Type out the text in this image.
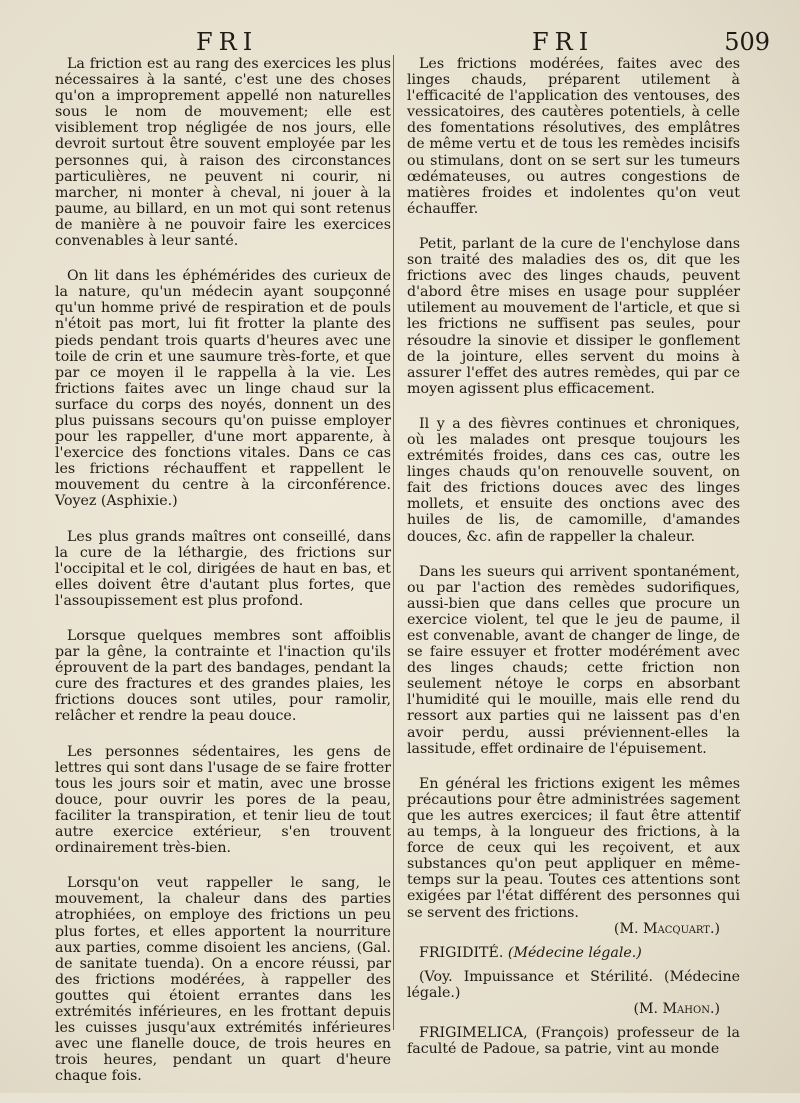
FRI	FRI	509

La friction est au rang des exercices les plus nécessaires à la santé, c'est une des choses qu'on a improprement appellé non naturelles sous le nom de mouvement; elle est visiblement trop négligée de nos jours, elle devroit surtout être souvent employée par les personnes qui, à raison des circonstances particulières, ne peuvent ni courir, ni marcher, ni monter à cheval, ni jouer à la paume, au billard, en un mot qui sont retenus de manière à ne pouvoir faire les exercices convenables à leur santé.

On lit dans les éphémérides des curieux de la nature, qu'un médecin ayant soupçonné qu'un homme privé de respiration et de pouls n'étoit pas mort, lui fit frotter la plante des pieds pendant trois quarts d'heures avec une toile de crin et une saumure très-forte, et que par ce moyen il le rappella à la vie. Les frictions faites avec un linge chaud sur la surface du corps des noyés, donnent un des plus puissans secours qu'on puisse employer pour les rappeller, d'une mort apparente, à l'exercice des fonctions vitales. Dans ce cas les frictions réchauffent et rappellent le mouvement du centre à la circonférence. Voyez (Asphixie.)

Les plus grands maîtres ont conseillé, dans la cure de la léthargie, des frictions sur l'occipital et le col, dirigées de haut en bas, et elles doivent être d'autant plus fortes, que l'assoupissement est plus profond.

Lorsque quelques membres sont affoiblis par la gêne, la contrainte et l'inaction qu'ils éprouvent de la part des bandages, pendant la cure des fractures et des grandes plaies, les frictions douces sont utiles, pour ramolir, relâcher et rendre la peau douce.

Les personnes sédentaires, les gens de lettres qui sont dans l'usage de se faire frotter tous les jours soir et matin, avec une brosse douce, pour ouvrir les pores de la peau, faciliter la transpiration, et tenir lieu de tout autre exercice extérieur, s'en trouvent ordinairement très-bien.

Lorsqu'on veut rappeller le sang, le mouvement, la chaleur dans des parties atrophiées, on employe des frictions un peu plus fortes, et elles apportent la nourriture aux parties, comme disoient les anciens, (Gal. de sanitate tuenda). On a encore réussi, par des frictions modérées, à rappeller des gouttes qui étoient errantes dans les extrémités inférieures, en les frottant depuis les cuisses jusqu'aux extrémités inférieures avec une flanelle douce, de trois heures en trois heures, pendant un quart d'heure chaque fois.

Les frictions modérées, faites avec des linges chauds, préparent utilement à l'efficacité de l'application des ventouses, des vessicatoires, des cautères potentiels, à celle des fomentations résolutives, des emplâtres de même vertu et de tous les remèdes incisifs ou stimulans, dont on se sert sur les tumeurs œdémateuses, ou autres congestions de matières froides et indolentes qu'on veut échauffer.

Petit, parlant de la cure de l'enchylose dans son traité des maladies des os, dit que les frictions avec des linges chauds, peuvent d'abord être mises en usage pour suppléer utilement au mouvement de l'article, et que si les frictions ne suffisent pas seules, pour résoudre la sinovie et dissiper le gonflement de la jointure, elles servent du moins à assurer l'effet des autres remèdes, qui par ce moyen agissent plus efficacement.

Il y a des fièvres continues et chroniques, où les malades ont presque toujours les extrémités froides, dans ces cas, outre les linges chauds qu'on renouvelle souvent, on fait des frictions douces avec des linges mollets, et ensuite des onctions avec des huiles de lis, de camomille, d'amandes douces, &c. afin de rappeller la chaleur.

Dans les sueurs qui arrivent spontanément, ou par l'action des remèdes sudorifiques, aussi-bien que dans celles que procure un exercice violent, tel que le jeu de paume, il est convenable, avant de changer de linge, de se faire essuyer et frotter modérément avec des linges chauds; cette friction non seulement nétoye le corps en absorbant l'humidité qui le mouille, mais elle rend du ressort aux parties qui ne laissent pas d'en avoir perdu, aussi préviennent-elles la lassitude, effet ordinaire de l'épuisement.

En général les frictions exigent les mêmes précautions pour être administrées sagement que les autres exercices; il faut être attentif au temps, à la longueur des frictions, à la force de ceux qui les reçoivent, et aux substances qu'on peut appliquer en même-temps sur la peau. Toutes ces attentions sont exigées par l'état différent des personnes qui se servent des frictions.
(M. Macquart.)

FRIGIDITÉ. (Médecine légale.)

(Voy. Impuissance et Stérilité. (Médecine légale.)
(M. Mahon.)

FRIGIMELICA, (François) professeur de la faculté de Padoue, sa patrie, vint au monde
